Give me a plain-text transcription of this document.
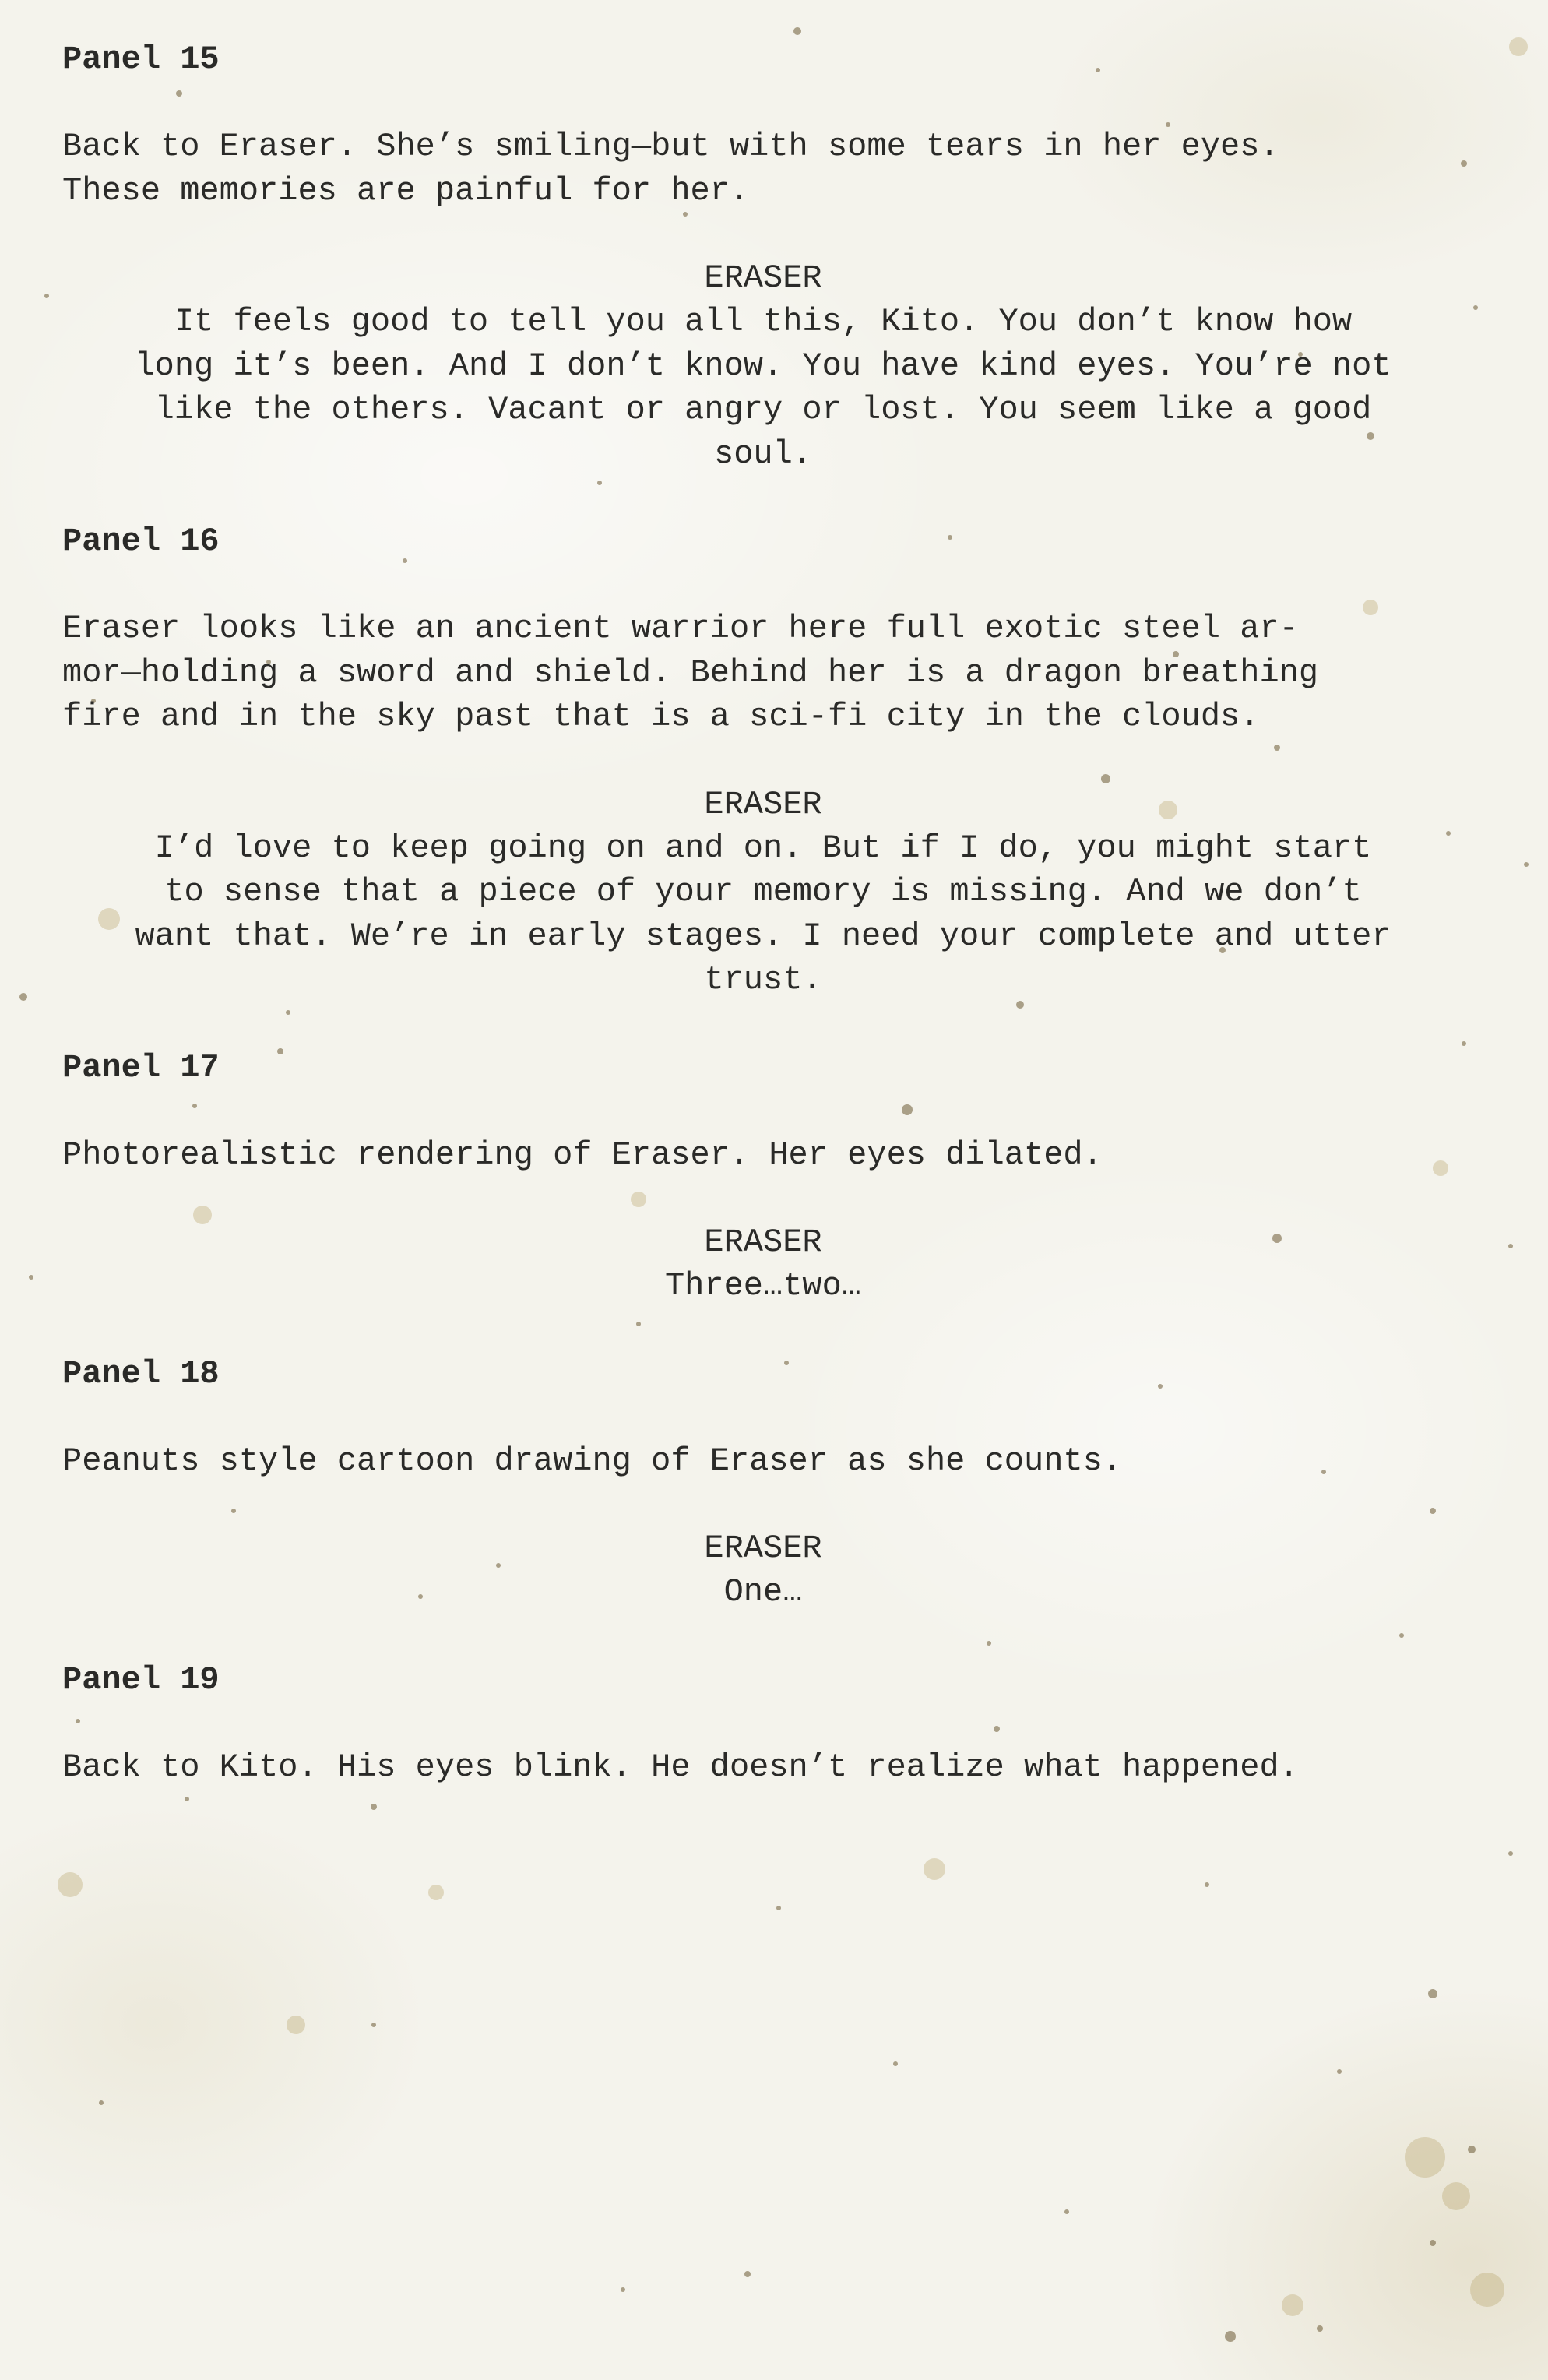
Panel 15
Back to Eraser. She’s smiling—but with some tears in her eyes.
These memories are painful for her.
ERASER
It feels good to tell you all this, Kito. You don’t know how
long it’s been. And I don’t know. You have kind eyes. You’re not
like the others. Vacant or angry or lost. You seem like a good
soul.
Panel 16
Eraser looks like an ancient warrior here full exotic steel ar-
mor—holding a sword and shield. Behind her is a dragon breathing
fire and in the sky past that is a sci-fi city in the clouds.
ERASER
I’d love to keep going on and on. But if I do, you might start
to sense that a piece of your memory is missing. And we don’t
want that. We’re in early stages. I need your complete and utter
trust.
Panel 17
Photorealistic rendering of Eraser. Her eyes dilated.
ERASER
Three…two…
Panel 18
Peanuts style cartoon drawing of Eraser as she counts.
ERASER
One…
Panel 19
Back to Kito. His eyes blink. He doesn’t realize what happened.
